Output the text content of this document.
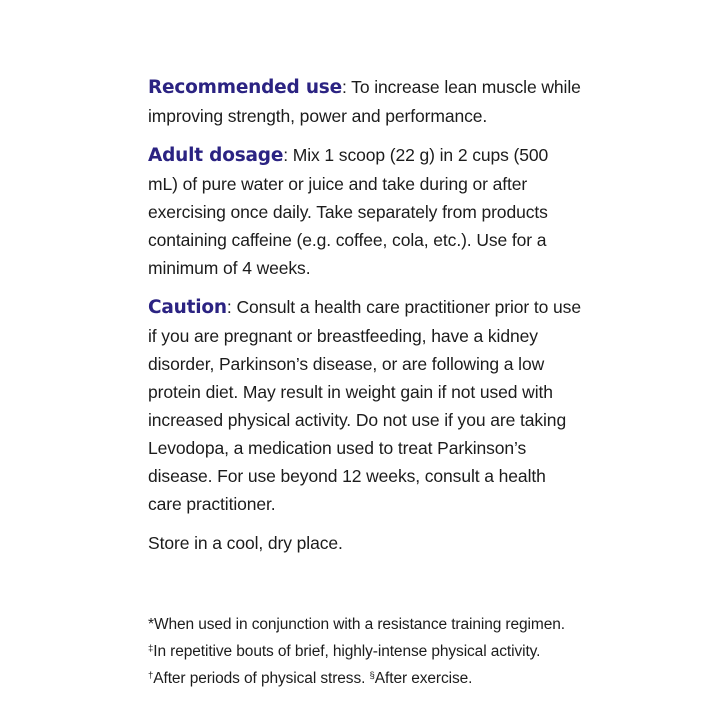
Recommended use: To increase lean muscle while improving strength, power and performance.

Adult dosage: Mix 1 scoop (22 g) in 2 cups (500 mL) of pure water or juice and take during or after exercising once daily. Take separately from products containing caffeine (e.g. coffee, cola, etc.). Use for a minimum of 4 weeks.

Caution: Consult a health care practitioner prior to use if you are pregnant or breastfeeding, have a kidney disorder, Parkinson’s disease, or are following a low protein diet. May result in weight gain if not used with increased physical activity. Do not use if you are taking Levodopa, a medication used to treat Parkinson’s disease. For use beyond 12 weeks, consult a health care practitioner.

Store in a cool, dry place.

*When used in conjunction with a resistance training regimen. ‡In repetitive bouts of brief, highly-intense physical activity. †After periods of physical stress. §After exercise.
